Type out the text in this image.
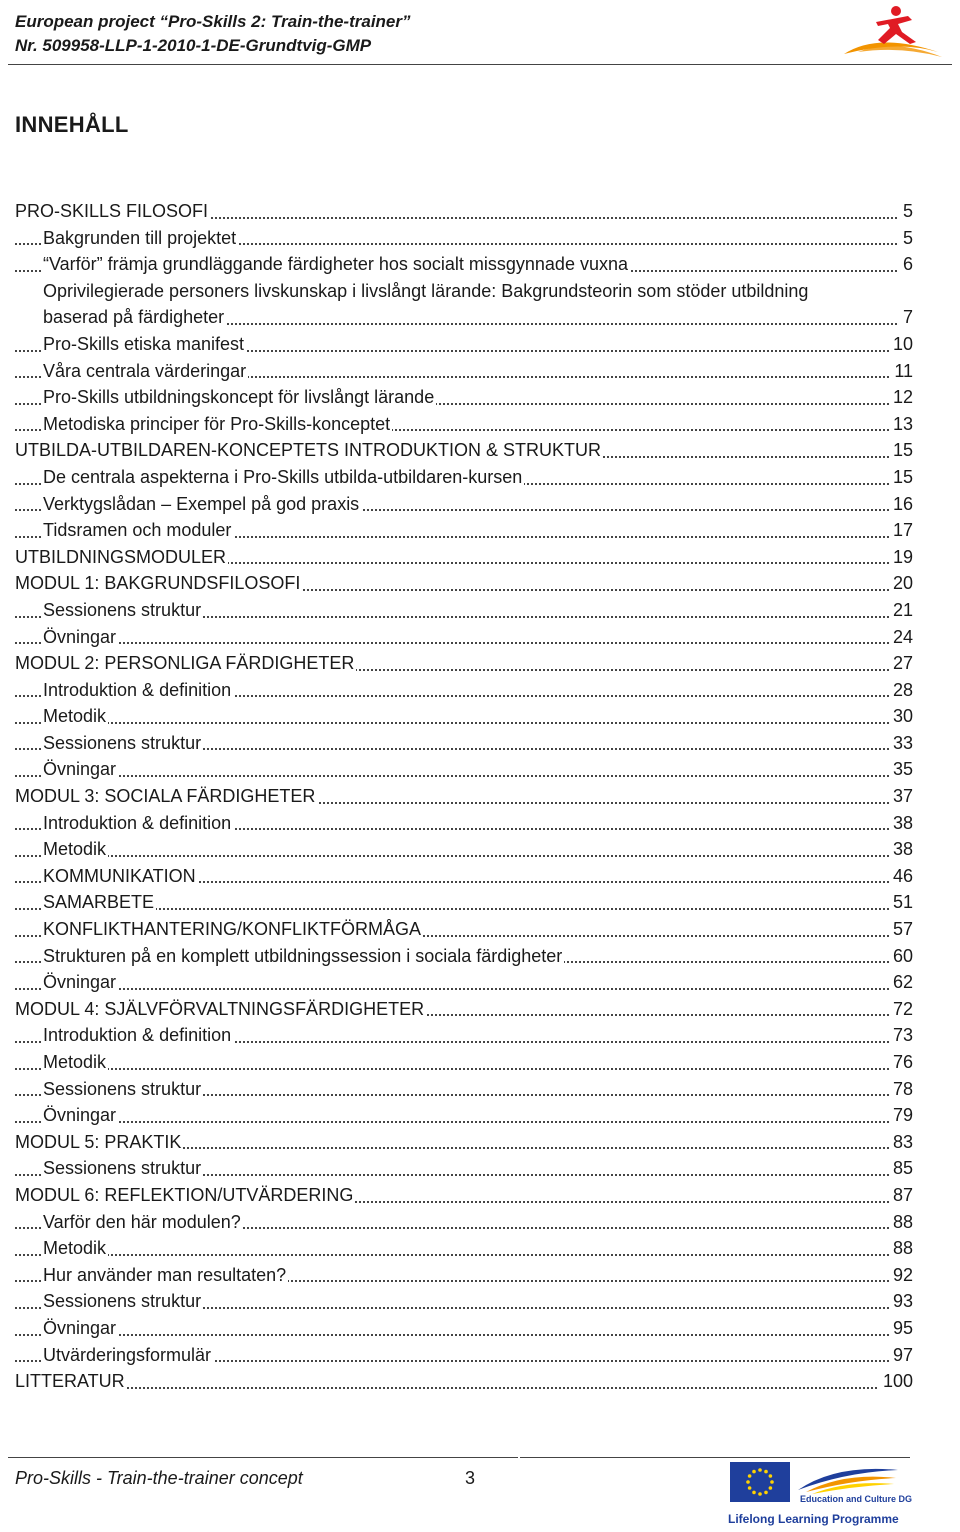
European project “Pro-Skills 2: Train-the-trainer”
Nr. 509958-LLP-1-2010-1-DE-Grundtvig-GMP
INNEHÅLL
PRO-SKILLS FILOSOFI	5
Bakgrunden till projektet	5
“Varför” främja grundläggande färdigheter hos socialt missgynnade vuxna	6
Oprivilegierade personers livskunskap i livslångt lärande: Bakgrundsteorin som stöder utbildning
baserad på färdigheter	7
Pro-Skills etiska manifest	10
Våra centrala värderingar	11
Pro-Skills utbildningskoncept för livslångt lärande	12
Metodiska principer för Pro-Skills-konceptet	13
UTBILDA-UTBILDAREN-KONCEPTETS INTRODUKTION & STRUKTUR	15
De centrala aspekterna i Pro-Skills utbilda-utbildaren-kursen	15
Verktygslådan – Exempel på god praxis	16
Tidsramen och moduler	17
UTBILDNINGSMODULER	19
MODUL 1: BAKGRUNDSFILOSOFI	20
Sessionens struktur	21
Övningar	24
MODUL 2: PERSONLIGA FÄRDIGHETER	27
Introduktion & definition	28
Metodik	30
Sessionens struktur	33
Övningar	35
MODUL 3: SOCIALA FÄRDIGHETER	37
Introduktion & definition	38
Metodik	38
KOMMUNIKATION	46
SAMARBETE	51
KONFLIKTHANTERING/KONFLIKTFÖRMÅGA	57
Strukturen på en komplett utbildningssession i sociala färdigheter	60
Övningar	62
MODUL 4: SJÄLVFÖRVALTNINGSFÄRDIGHETER	72
Introduktion & definition	73
Metodik	76
Sessionens struktur	78
Övningar	79
MODUL 5: PRAKTIK	83
Sessionens struktur	85
MODUL 6: REFLEKTION/UTVÄRDERING	87
Varför den här modulen?	88
Metodik	88
Hur använder man resultaten?	92
Sessionens struktur	93
Övningar	95
Utvärderingsformulär	97
LITTERATUR	100
Pro-Skills - Train-the-trainer concept	3
Education and Culture DG
Lifelong Learning Programme
